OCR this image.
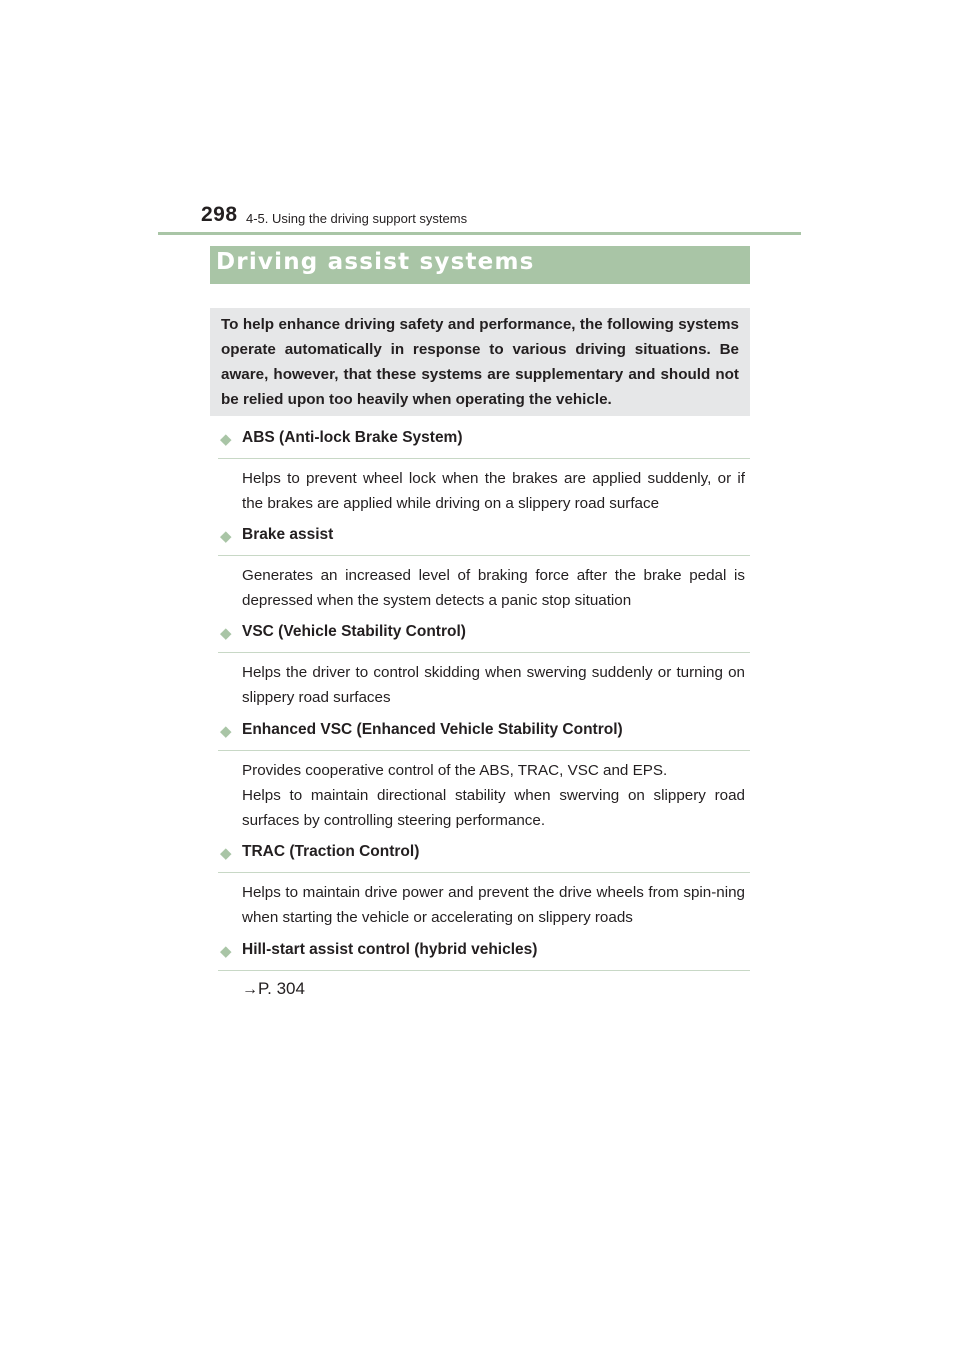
298 4-5. Using the driving support systems
Driving assist systems
To help enhance driving safety and performance, the following systems operate automatically in response to various driving situations. Be aware, however, that these systems are supplementary and should not be relied upon too heavily when operating the vehicle.
◆ ABS (Anti-lock Brake System)

Helps to prevent wheel lock when the brakes are applied suddenly, or if the brakes are applied while driving on a slippery road surface

◆ Brake assist

Generates an increased level of braking force after the brake pedal is depressed when the system detects a panic stop situation

◆ VSC (Vehicle Stability Control)

Helps the driver to control skidding when swerving suddenly or turning on slippery road surfaces

◆ Enhanced VSC (Enhanced Vehicle Stability Control)

Provides cooperative control of the ABS, TRAC, VSC and EPS.

Helps to maintain directional stability when swerving on slippery road surfaces by controlling steering performance.

◆ TRAC (Traction Control)

Helps to maintain drive power and prevent the drive wheels from spin-ning when starting the vehicle or accelerating on slippery roads

◆ Hill-start assist control (hybrid vehicles)
→P. 304
